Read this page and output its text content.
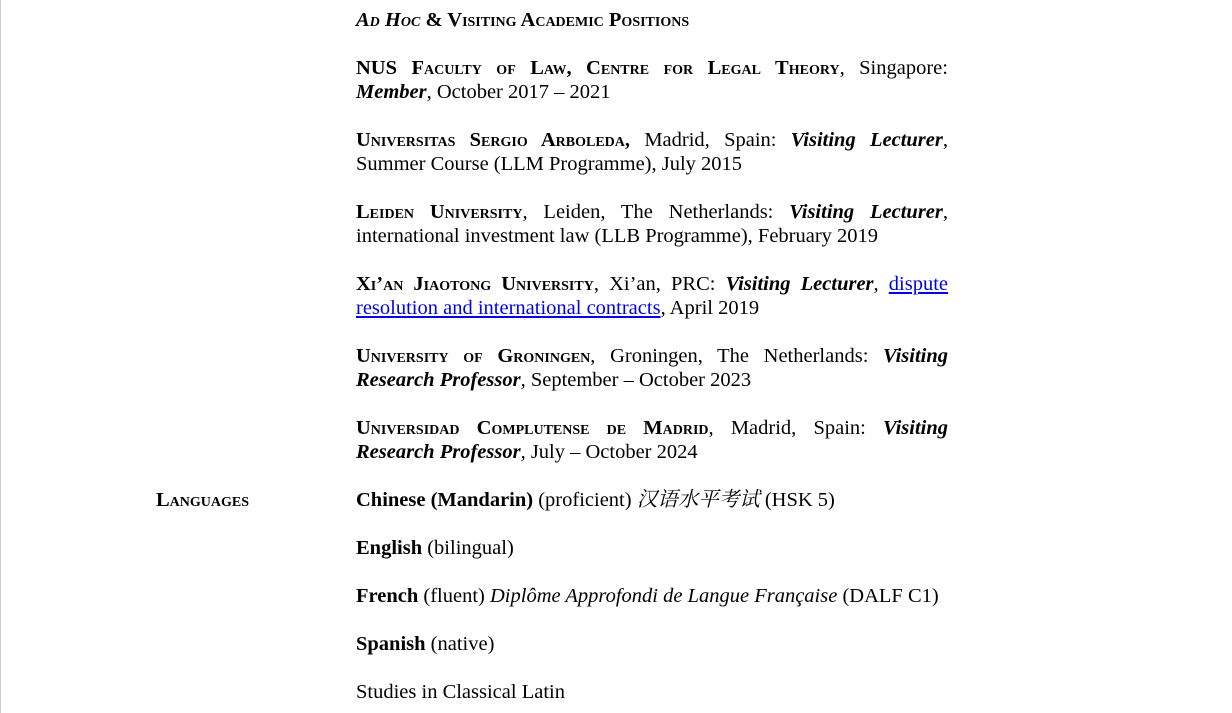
Ad Hoc & Visiting Academic Positions

NUS Faculty of Law, Centre for Legal Theory, Singapore: Member, October 2017 – 2021

Universitas Sergio Arboleda, Madrid, Spain: Visiting Lecturer, Summer Course (LLM Programme), July 2015

Leiden University, Leiden, The Netherlands: Visiting Lecturer, international investment law (LLB Programme), February 2019

Xi’an Jiaotong University, Xi’an, PRC: Visiting Lecturer, dispute resolution and international contracts, April 2019

University of Groningen, Groningen, The Netherlands: Visiting Research Professor, September – October 2023

Universidad Complutense de Madrid, Madrid, Spain: Visiting Research Professor, July – October 2024

Chinese (Mandarin) (proficient) 汉语水平考试 (HSK 5)

English (bilingual)

French (fluent) Diplôme Approfondi de Langue Française (DALF C1)

Spanish (native)

Studies in Classical Latin

Languages
